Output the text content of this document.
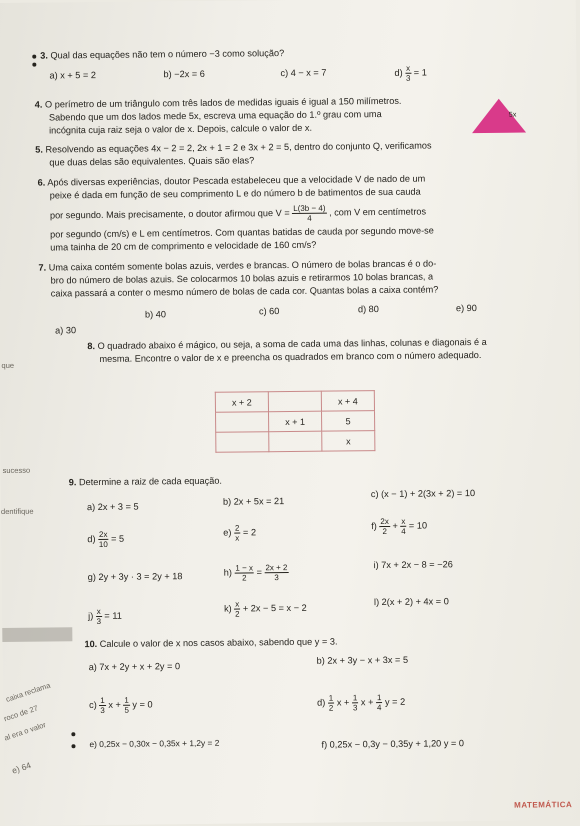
3. Qual das equações não tem o número −3 como solução?
a) x + 5 = 2	b) −2x = 6	c) 4 − x = 7	$d) \frac{x}{3} = 1$
4. O perímetro de um triângulo com três lados de medidas iguais é igual a 150 milímetros.
Sabendo que um dos lados mede 5x, escreva uma equação do 1.º grau com uma
incógnita cuja raiz seja o valor de x. Depois, calcule o valor de x.
5x
5. Resolvendo as equações 4x − 2 = 2, 2x + 1 = 2 e 3x + 2 = 5, dentro do conjunto Q, verificamos
que duas delas são equivalentes. Quais são elas?
6. Após diversas experiências, doutor Pescada estabeleceu que a velocidade V de nado de um
peixe é dada em função de seu comprimento L e do número b de batimentos de sua cauda
por segundo. Mais precisamente, o doutor afirmou que $V = \frac{L(3b - 4)}{4}$ , com V em centímetros
por segundo (cm/s) e L em centímetros. Com quantas batidas de cauda por segundo move-se
uma tainha de 20 cm de comprimento e velocidade de 160 cm/s?
7. Uma caixa contém somente bolas azuis, verdes e brancas. O número de bolas brancas é o do-
bro do número de bolas azuis. Se colocarmos 10 bolas azuis e retirarmos 10 bolas brancas, a
caixa passará a conter o mesmo número de bolas de cada cor. Quantas bolas a caixa contém?
a) 30
b) 40	c) 60	d) 80	e) 90
8. O quadrado abaixo é mágico, ou seja, a soma de cada uma das linhas, colunas e diagonais é a
mesma. Encontre o valor de x e preencha os quadrados em branco com o número adequado.
x + 2		x + 4
	x + 1	5
		x
9. Determine a raiz de cada equação.
a) 2x + 3 = 5
b) 2x + 5x = 21
c) (x − 1) + 2(3x + 2) = 10
$d) \frac{2x}{10} = 5$
$e) \frac{2}{x} = 2$
$f) \frac{2x}{2} + \frac{x}{4} = 10$
g) 2y + 3y · 3 = 2y + 18	$h) \frac{1 - x}{2} = \frac{2x + 2}{3}$	i) 7x + 2x − 8 = −26
$j) \frac{x}{3} = 11$
$k) \frac{x}{2} + 2x - 5 = x - 2$
l) 2(x + 2) + 4x = 0
10. Calcule o valor de x nos casos abaixo, sabendo que y = 3.
a) 7x + 2y + x + 2y = 0
b) 2x + 3y − x + 3x = 5
$c) \frac{1}{3}$ $x + \frac{1}{5}$ y = 0	$d) \frac{1}{2}$ $x + \frac{1}{3}$ $x + \frac{1}{4}$ y = 2
e) 0,25x − 0,30x − 0,35x + 1,2y = 2	f) 0,25x − 0,3y − 0,35y + 1,20 y = 0
que
sucesso
dentifique
caixa reclama
roco de 27
al era o valor
e) 64
MATEMÁTICA
